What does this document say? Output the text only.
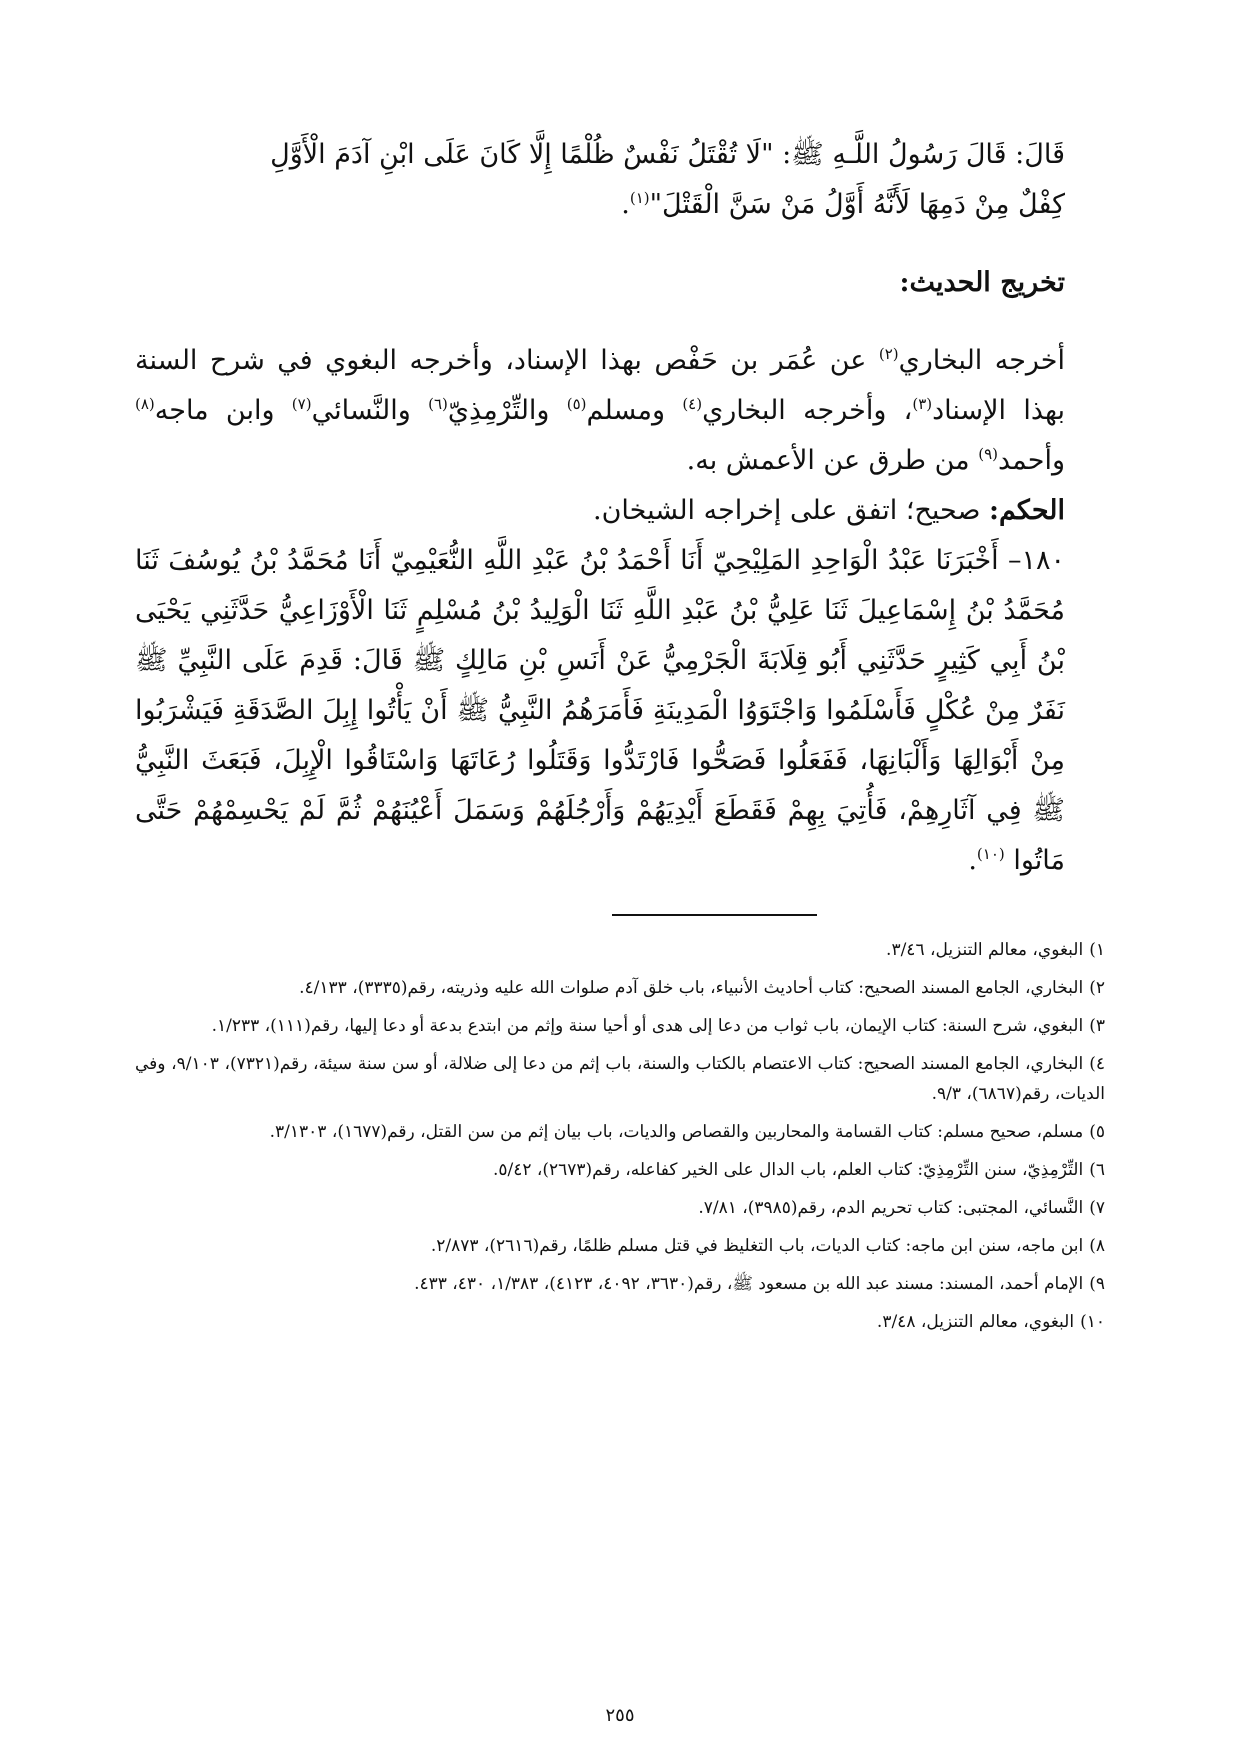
قَالَ: قَالَ رَسُولُ اللَّـهِ ﷺ: "لَا تُقْتَلُ نَفْسٌ ظُلْمًا إِلَّا كَانَ عَلَى ابْنِ آدَمَ الْأَوَّلِ

كِفْلٌ مِنْ دَمِهَا لَأَنَّهُ أَوَّلُ مَنْ سَنَّ الْقَتْلَ"$^{(١)}$.

تخريج الحديث:

أخرجه البخاري$^{(٢)}$ عن عُمَر بن حَفْص بهذا الإسناد، وأخرجه البغوي في شرح السنة بهذا الإسناد$^{(٣)}$، وأخرجه البخاري$^{(٤)}$ ومسلم$^{(٥)}$ والتِّرْمِذِيّ$^{(٦)}$ والنَّسائي$^{(٧)}$ وابن ماجه$^{(٨)}$ وأحمد$^{(٩)}$ من طرق عن الأعمش به.

الحكم: صحيح؛ اتفق على إخراجه الشيخان.

١٨٠– أَخْبَرَنَا عَبْدُ الْوَاحِدِ المَلِيْحِيّ أَنَا أَحْمَدُ بْنُ عَبْدِ اللَّهِ النُّعَيْمِيّ أَنَا مُحَمَّدُ بْنُ يُوسُفَ ثَنَا مُحَمَّدُ بْنُ إِسْمَاعِيلَ ثَنَا عَلِيُّ بْنُ عَبْدِ اللَّهِ ثَنَا الْوَلِيدُ بْنُ مُسْلِمٍ ثَنَا الْأَوْزَاعِيُّ حَدَّثَنِي يَحْيَى بْنُ أَبِي كَثِيرٍ حَدَّثَنِي أَبُو قِلَابَةَ الْجَرْمِيُّ عَنْ أَنَسِ بْنِ مَالِكٍ ﷺ قَالَ: قَدِمَ عَلَى النَّبِيِّ ﷺ نَفَرٌ مِنْ عُكْلٍ فَأَسْلَمُوا وَاجْتَوَوُا الْمَدِينَةِ فَأَمَرَهُمُ النَّبِيُّ ﷺ أَنْ يَأْتُوا إِبِلَ الصَّدَقَةِ فَيَشْرَبُوا مِنْ أَبْوَالِهَا وَأَلْبَانِهَا، فَفَعَلُوا فَصَحُّوا فَارْتَدُّوا وَقَتَلُوا رُعَاتَهَا وَاسْتَاقُوا الْإِبِلَ، فَبَعَثَ النَّبِيُّ ﷺ فِي آثَارِهِمْ، فَأُتِيَ بِهِمْ فَقَطَعَ أَيْدِيَهُمْ وَأَرْجُلَهُمْ وَسَمَلَ أَعْيُنَهُمْ ثُمَّ لَمْ يَحْسِمْهُمْ حَتَّى مَاتُوا $^{(١٠)}$.

١)البغوي، معالم التنزيل، ٣/٤٦.

٢)البخاري، الجامع المسند الصحيح: كتاب أحاديث الأنبياء، باب خلق آدم صلوات الله عليه وذريته، رقم(٣٣٣٥)، ٤/١٣٣.

٣)البغوي، شرح السنة: كتاب الإيمان، باب ثواب من دعا إلى هدى أو أحيا سنة وإثم من ابتدع بدعة أو دعا إليها، رقم(١١١)، ١/٢٣٣.

٤)البخاري، الجامع المسند الصحيح: كتاب الاعتصام بالكتاب والسنة، باب إثم من دعا إلى ضلالة، أو سن سنة سيئة، رقم(٧٣٢١)، ٩/١٠٣، وفي الديات، رقم(٦٨٦٧)، ٩/٣.

٥)مسلم، صحيح مسلم: كتاب القسامة والمحاربين والقصاص والديات، باب بيان إثم من سن القتل، رقم(١٦٧٧)، ٣/١٣٠٣.

٦)التِّرْمِذِيّ، سنن التِّرْمِذِيّ: كتاب العلم، باب الدال على الخير كفاعله، رقم(٢٦٧٣)، ٥/٤٢.

٧)النَّسائي، المجتبى: كتاب تحريم الدم، رقم(٣٩٨٥)، ٧/٨١.

٨)ابن ماجه، سنن ابن ماجه: كتاب الديات، باب التغليظ في قتل مسلم ظلمًا، رقم(٢٦١٦)، ٢/٨٧٣.

٩)الإمام أحمد، المسند: مسند عبد الله بن مسعود ﷺ، رقم(٣٦٣٠، ٤٠٩٢، ٤١٢٣)، ١/٣٨٣، ٤٣٠، ٤٣٣.

١٠)البغوي، معالم التنزيل، ٣/٤٨.

٢٥٥
